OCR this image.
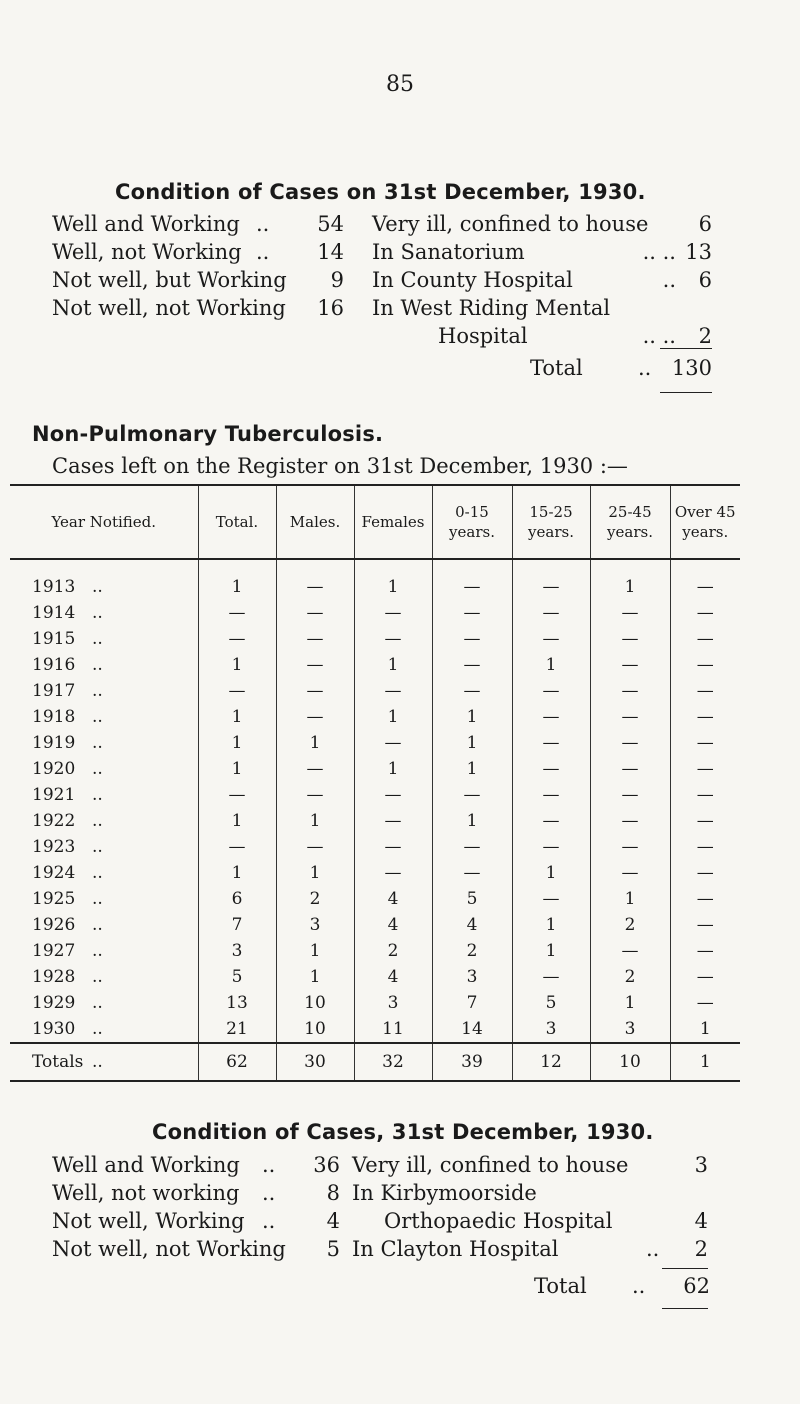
85
Condition of Cases on 31st December, 1930.
Well and Working ..	54
Well, not Working ..	14
Not well, but Working	9
Not well, not Working 16
Very ill, confined to house	6
In Sanatorium	.. .. 13
In County Hospital	..	6
In West Riding Mental
Hospital	.. ..	2
Total	.. 130
Non-Pulmonary Tuberculosis.
Cases left on the Register on 31st December, 1930 :—
Year Notified.	Total.	Males.	Females	0-15 years.	15-25 years.	25-45 years.	Over 45 years.
1913 ..	1	—	1	—	—	1	—
1914 ..	—	—	—	—	—	—	—
1915 ..	—	—	—	—	—	—	—
1916 ..	1	—	1	—	1	—	—
1917 ..	—	—	—	—	—	—	—
1918 ..	1	—	1	1	—	—	—
1919 ..	1	1	—	1	—	—	—
1920 ..	1	—	1	1	—	—	—
1921 ..	—	—	—	—	—	—	—
1922 ..	1	1	—	1	—	—	—
1923 ..	—	—	—	—	—	—	—
1924 ..	1	1	—	—	1	—	—
1925 ..	6	2	4	5	—	1	—
1926 ..	7	3	4	4	1	2	—
1927 ..	3	1	2	2	1	—	—
1928 ..	5	1	4	3	—	2	—
1929 ..	13	10	3	7	5	1	—
1930 ..	21	10	11	14	3	3	1
Totals ..	62	30	32	39	12	10	1
Condition of Cases, 31st December, 1930.
Well and Working	..	36
Well, not working	..	8
Not well, Working ..	4
Not well, not Working	5
Very ill, confined to house	3
In Kirbymoorside
Orthopaedic Hospital	4
In Clayton Hospital	..	2
Total	..	62
